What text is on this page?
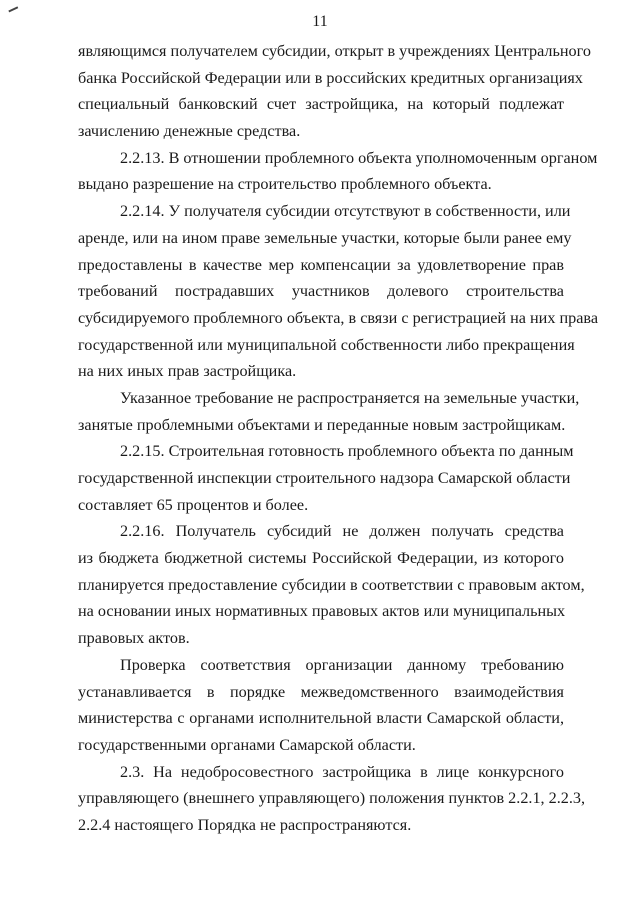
11
являющимся получателем субсидии, открыт в учреждениях Центрального
банка Российской Федерации или в российских кредитных организациях
специальный банковский счет застройщика, на который подлежат
зачислению денежные средства.
2.2.13. В отношении проблемного объекта уполномоченным органом
выдано разрешение на строительство проблемного объекта.
2.2.14. У получателя субсидии отсутствуют в собственности, или
аренде, или на ином праве земельные участки, которые были ранее ему
предоставлены в качестве мер компенсации за удовлетворение прав
требований пострадавших участников долевого строительства
субсидируемого проблемного объекта, в связи с регистрацией на них права
государственной или муниципальной собственности либо прекращения
на них иных прав застройщика.
Указанное требование не распространяется на земельные участки,
занятые проблемными объектами и переданные новым застройщикам.
2.2.15. Строительная готовность проблемного объекта по данным
государственной инспекции строительного надзора Самарской области
составляет 65 процентов и более.
2.2.16. Получатель субсидий не должен получать средства
из бюджета бюджетной системы Российской Федерации, из которого
планируется предоставление субсидии в соответствии с правовым актом,
на основании иных нормативных правовых актов или муниципальных
правовых актов.
Проверка соответствия организации данному требованию
устанавливается в порядке межведомственного взаимодействия
министерства с органами исполнительной власти Самарской области,
государственными органами Самарской области.
2.3. На недобросовестного застройщика в лице конкурсного
управляющего (внешнего управляющего) положения пунктов 2.2.1, 2.2.3,
2.2.4 настоящего Порядка не распространяются.
